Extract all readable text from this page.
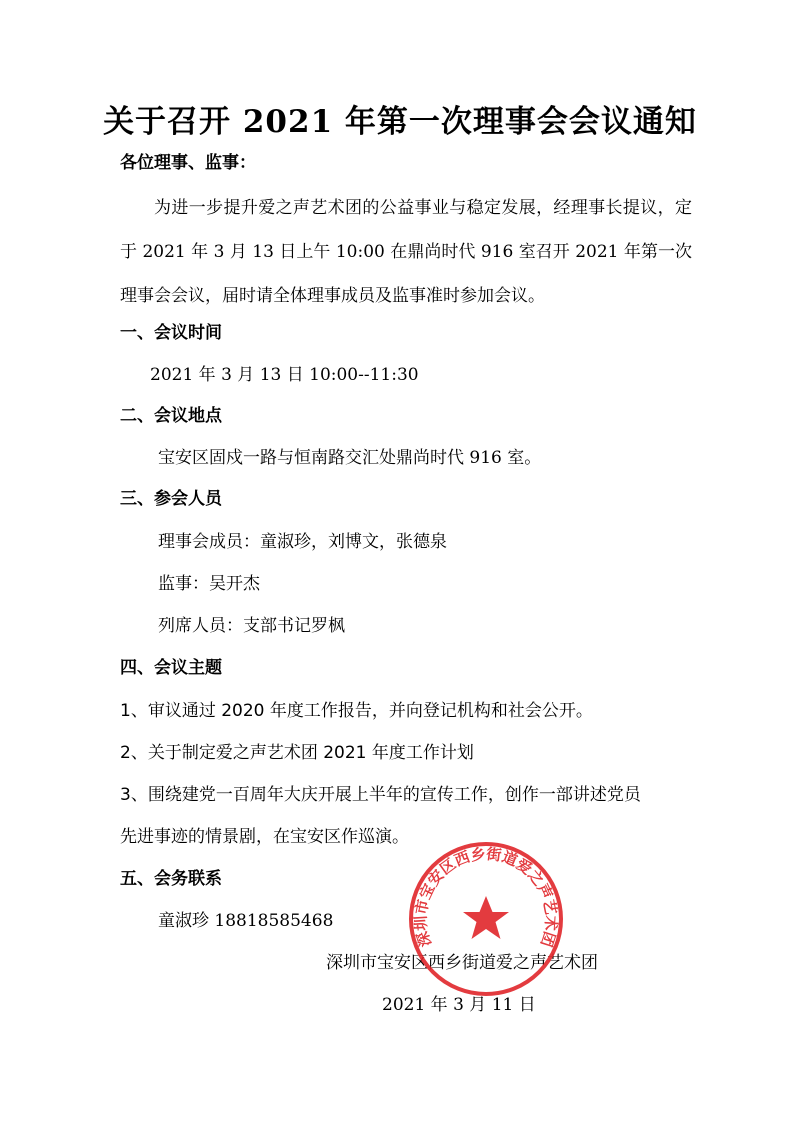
关于召开 2021 年第一次理事会会议通知
各位理事、监事：
为进一步提升爱之声艺术团的公益事业与稳定发展，经理事长提议，定于 2021 年 3 月 13 日上午 10:00 在鼎尚时代 916 室召开 2021 年第一次理事会会议，届时请全体理事成员及监事准时参加会议。
一、会议时间
2021 年 3 月 13 日 10:00--11:30
二、会议地点
宝安区固戍一路与恒南路交汇处鼎尚时代 916 室。
三、参会人员
理事会成员：童淑珍，刘博文，张德泉
监事：吴开杰
列席人员：支部书记罗枫
四、会议主题
1、审议通过 2020 年度工作报告，并向登记机构和社会公开。
2、关于制定爱之声艺术团 2021 年度工作计划
3、围绕建党一百周年大庆开展上半年的宣传工作，创作一部讲述党员
先进事迹的情景剧，在宝安区作巡演。
五、会务联系
童淑珍 18818585468
深圳市宝安区西乡街道爱之声艺术团
2021 年 3 月 11 日
深圳市宝安区西乡街道爱之声艺术团
